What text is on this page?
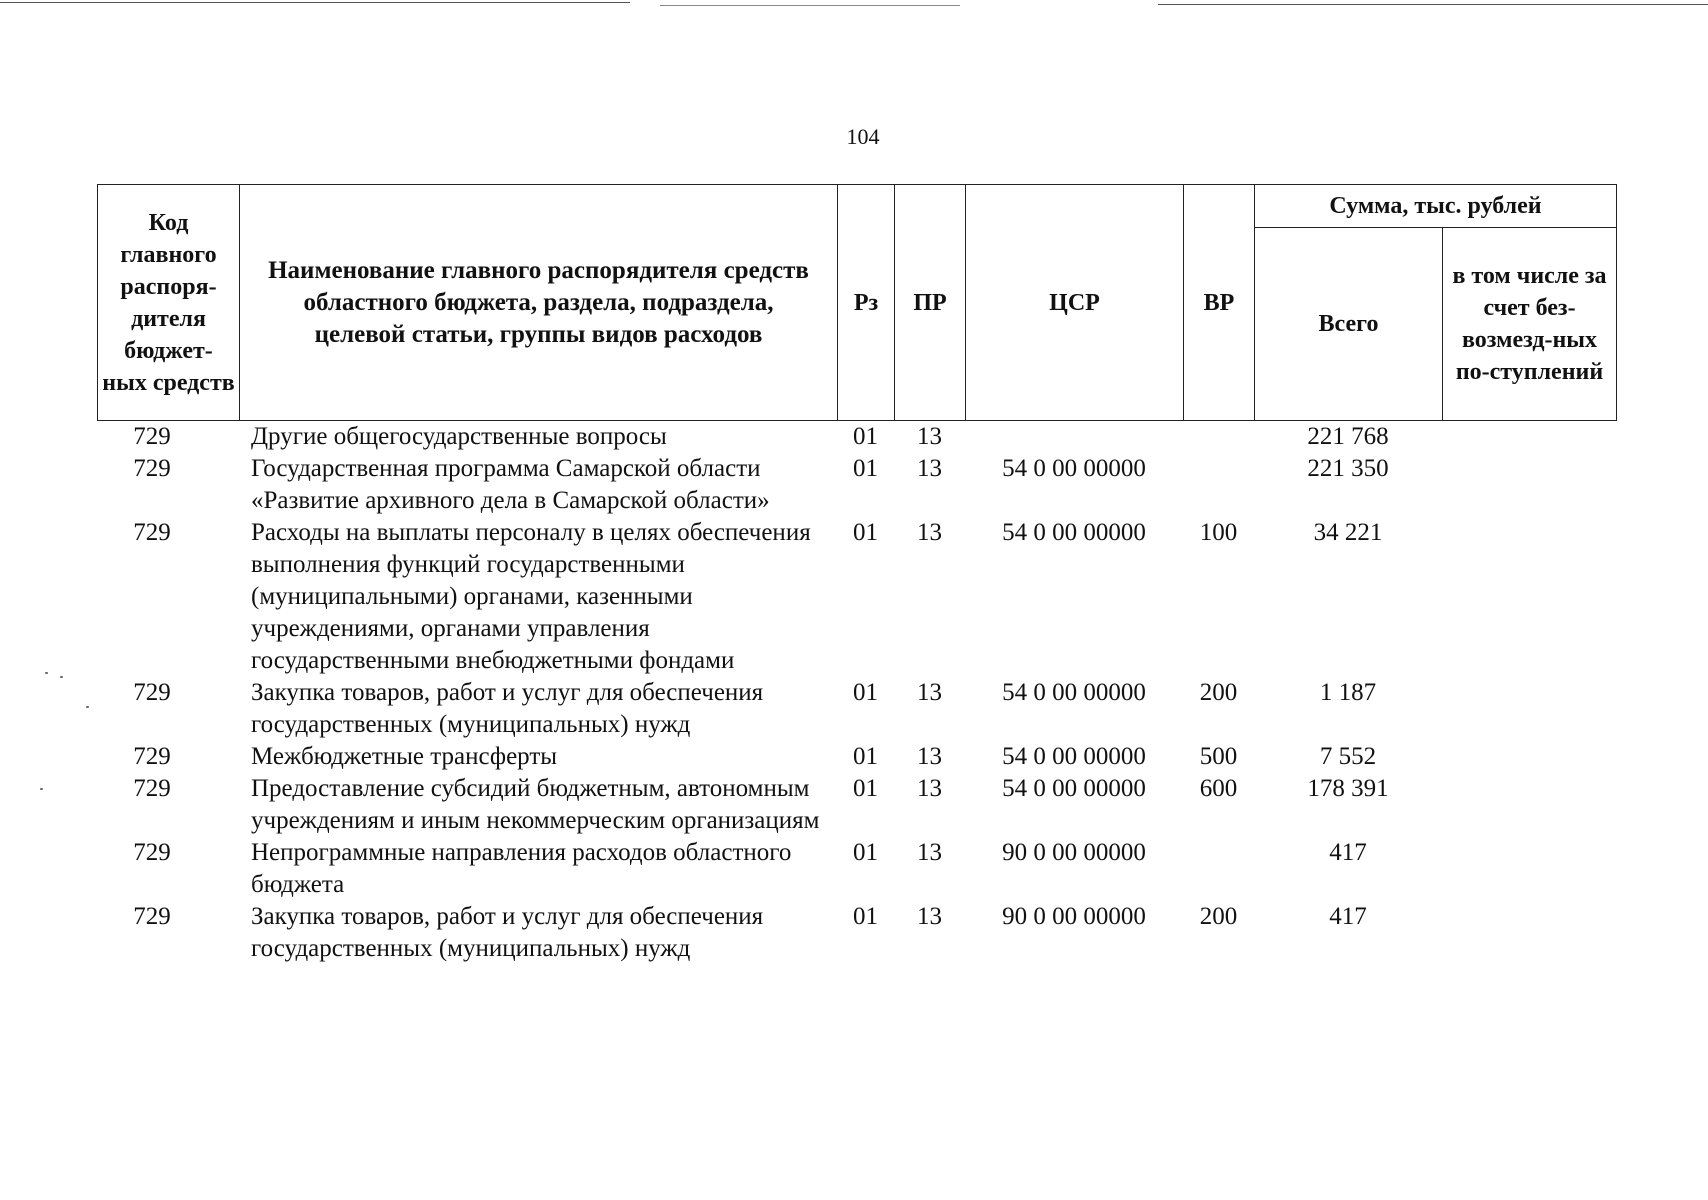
104
Код главного распоря-дителя бюджет-ных средств	Наименование главного распорядителя средств областного бюджета, раздела, подраздела, целевой статьи, группы видов расходов	Рз	ПР	ЦСР	ВР	Сумма, тыс. рублей	
						Всего	в том числе за счет без-возмезд-ных по-ступлений
729	Другие общегосударственные вопросы	01	13			221 768	
729	Государственная программа Самарской области «Развитие архивного дела в Самарской области»	01	13	54 0 00 00000		221 350	
729	Расходы на выплаты персоналу в целях обеспечения выполнения функций государственными (муниципальными) органами, казенными учреждениями, органами управления государственными внебюджетными фондами	01	13	54 0 00 00000	100	34 221	
729	Закупка товаров, работ и услуг для обеспечения государственных (муниципальных) нужд	01	13	54 0 00 00000	200	1 187	
729	Межбюджетные трансферты	01	13	54 0 00 00000	500	7 552	
729	Предоставление субсидий бюджетным, автономным учреждениям и иным некоммерческим организациям	01	13	54 0 00 00000	600	178 391	
729	Непрограммные направления расходов областного бюджета	01	13	90 0 00 00000		417	
729	Закупка товаров, работ и услуг для обеспечения государственных (муниципальных) нужд	01	13	90 0 00 00000	200	417	
